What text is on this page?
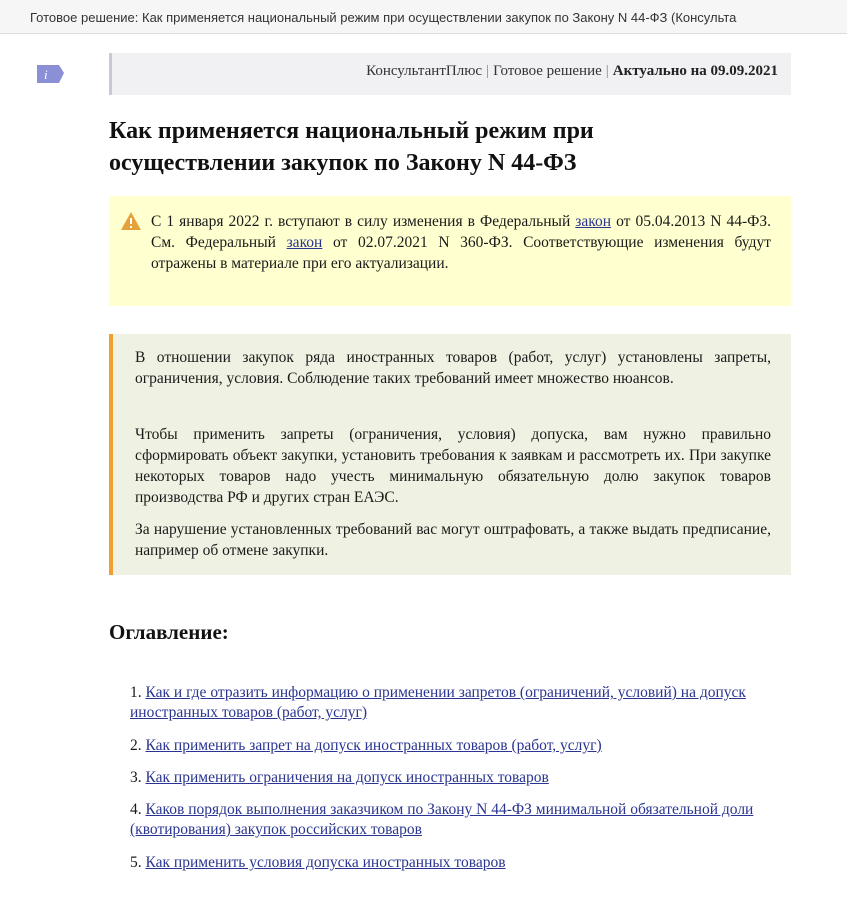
Готовое решение: Как применяется национальный режим при осуществлении закупок по Закону N 44-ФЗ (Консульта
i	КонсультантПлюс | Готовое решение | Актуально на 09.09.2021
Как применяется национальный режим при
осуществлении закупок по Закону N 44-ФЗ

С 1 января 2022 г. вступают в силу изменения в Федеральный закон от 05.04.2013 N 44-ФЗ. См. Федеральный закон от 02.07.2021 N 360-ФЗ. Соответствующие изменения будут отражены в материале при его актуализации.

В отношении закупок ряда иностранных товаров (работ, услуг) установлены запреты, ограничения, условия. Соблюдение таких требований имеет множество нюансов.

Чтобы применить запреты (ограничения, условия) допуска, вам нужно правильно сформировать объект закупки, установить требования к заявкам и рассмотреть их. При закупке некоторых товаров надо учесть минимальную обязательную долю закупок товаров производства РФ и других стран ЕАЭС.

За нарушение установленных требований вас могут оштрафовать, а также выдать предписание, например об отмене закупки.

Оглавление:
1. Как и где отразить информацию о применении запретов (ограничений, условий) на допуск иностранных товаров (работ, услуг)
2. Как применить запрет на допуск иностранных товаров (работ, услуг)
3. Как применить ограничения на допуск иностранных товаров
4. Каков порядок выполнения заказчиком по Закону N 44-ФЗ минимальной обязательной доли (квотирования) закупок российских товаров
5. Как применить условия допуска иностранных товаров
